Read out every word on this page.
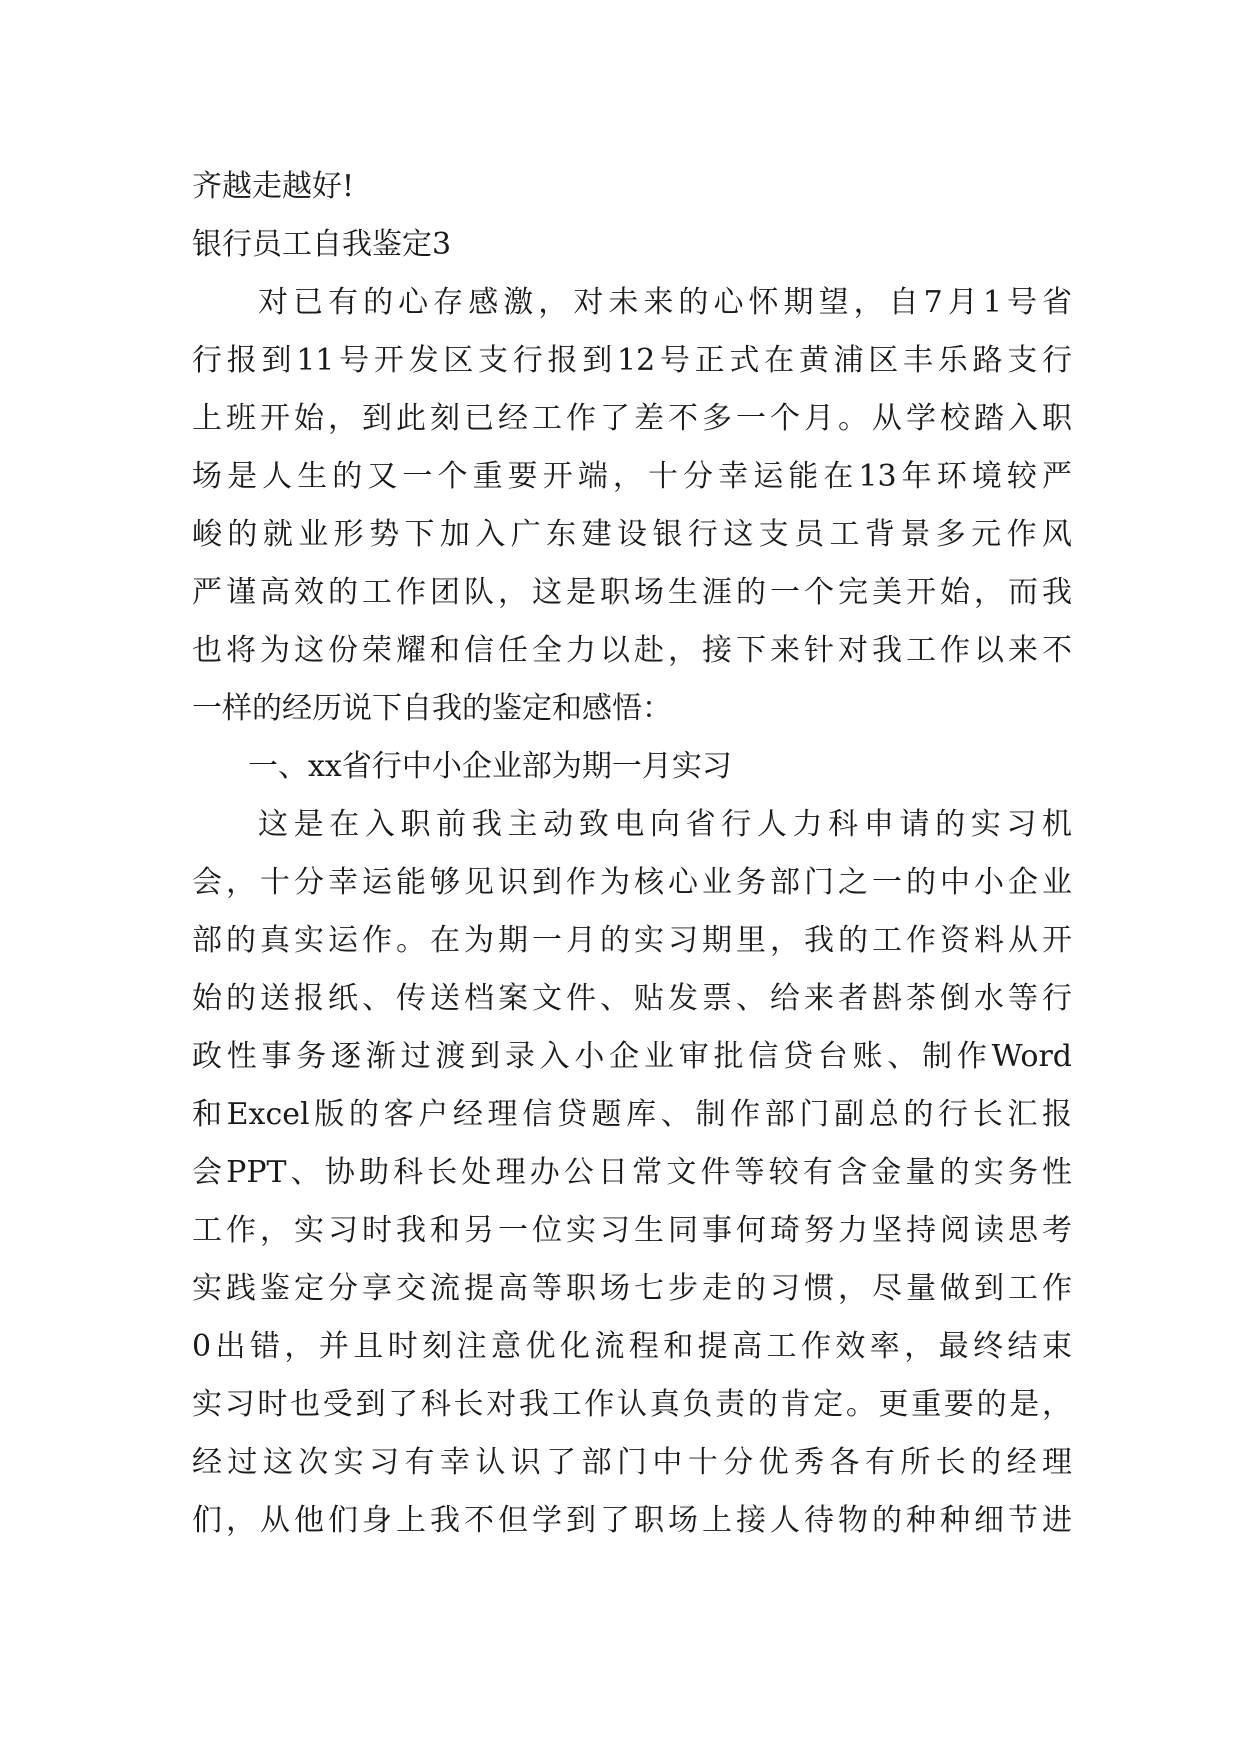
齐越走越好!
银行员工自我鉴定3
对已有的心存感激，对未来的心怀期望，自7月1号省
行报到11号开发区支行报到12号正式在黄浦区丰乐路支行
上班开始，到此刻已经工作了差不多一个月。从学校踏入职
场是人生的又一个重要开端，十分幸运能在13年环境较严
峻的就业形势下加入广东建设银行这支员工背景多元作风
严谨高效的工作团队，这是职场生涯的一个完美开始，而我
也将为这份荣耀和信任全力以赴，接下来针对我工作以来不
一样的经历说下自我的鉴定和感悟：
一、xx省行中小企业部为期一月实习
这是在入职前我主动致电向省行人力科申请的实习机
会，十分幸运能够见识到作为核心业务部门之一的中小企业
部的真实运作。在为期一月的实习期里，我的工作资料从开
始的送报纸、传送档案文件、贴发票、给来者斟茶倒水等行
政性事务逐渐过渡到录入小企业审批信贷台账、制作Word
和Excel版的客户经理信贷题库、制作部门副总的行长汇报
会PPT、协助科长处理办公日常文件等较有含金量的实务性
工作，实习时我和另一位实习生同事何琦努力坚持阅读思考
实践鉴定分享交流提高等职场七步走的习惯，尽量做到工作
0出错，并且时刻注意优化流程和提高工作效率，最终结束
实习时也受到了科长对我工作认真负责的肯定。更重要的是，
经过这次实习有幸认识了部门中十分优秀各有所长的经理
们，从他们身上我不但学到了职场上接人待物的种种细节进
